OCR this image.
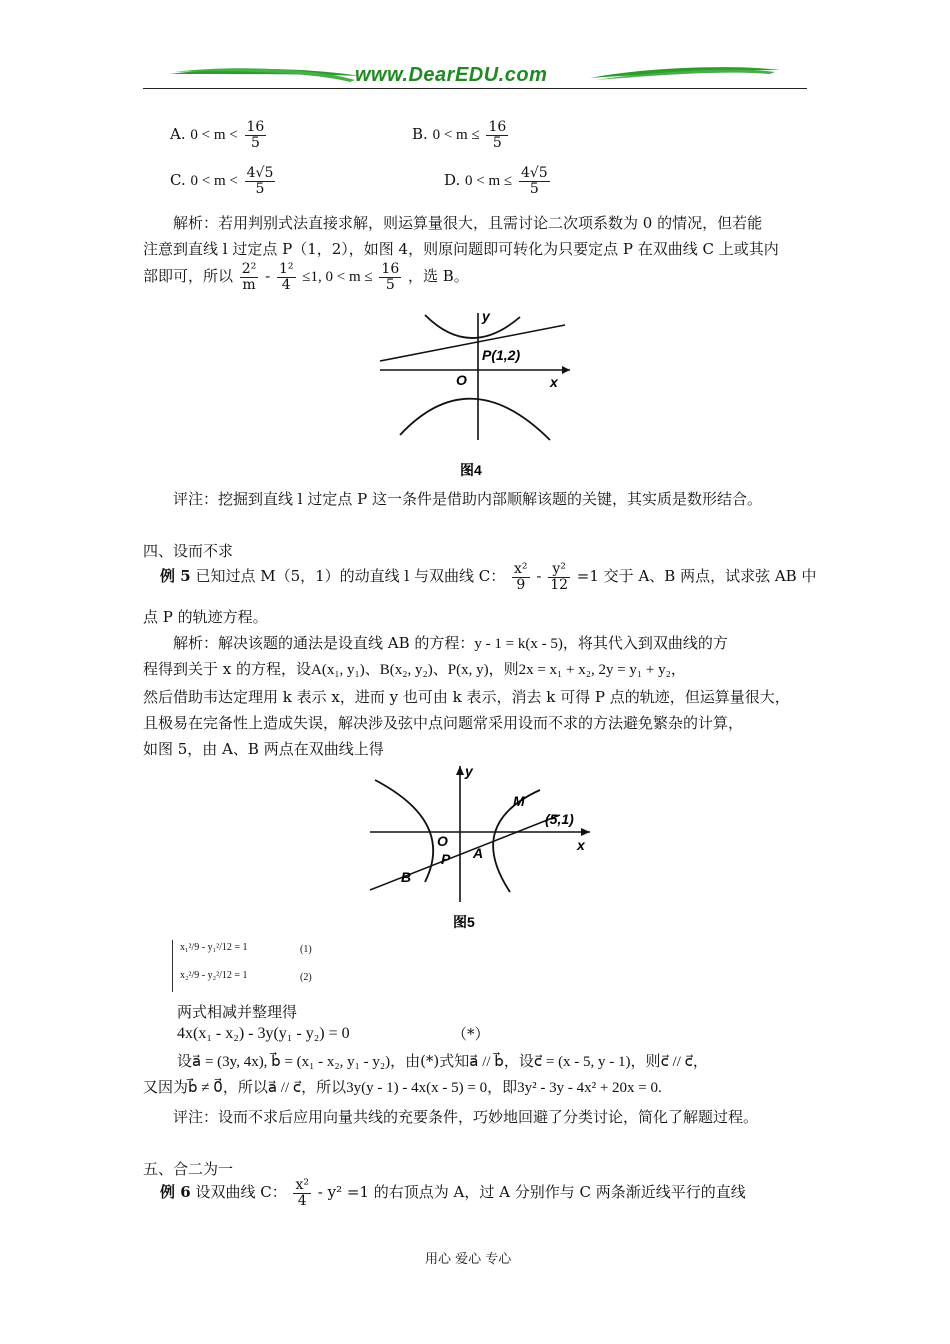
www.DearEDU.com
A. $0 < m < \frac{16}{5}$	B. $0 < m \le \frac{16}{5}$
C. $0 < m < \frac{4√5}{5}$	D. $0 < m \le \frac{4√5}{5}$
解析：若用判别式法直接求解，则运算量很大，且需讨论二次项系数为 0 的情况，但若能
注意到直线 l 过定点 P（1，2），如图 4，则原问题即可转化为只要定点 P 在双曲线 C 上或其内
部即可，所以 $\frac{\text{2²}}{m} - \frac{\text{1²}}{4} \le 1$, $0 < m \le \frac{16}{5}$ ，选 B。
y
P(1,2)
O	x
图4
评注：挖掘到直线 l 过定点 P 这一条件是借助内部顺解该题的关键，其实质是数形结合。
四、设而不求
例 5 已知过点 M（5，1）的动直线 l 与双曲线 C： $\frac{\text{x²}}{9} - \frac{\text{y²}}{12} =1$ 交于 A、B 两点，试求弦 AB 中
点 P 的轨迹方程。
解析：解决该题的通法是设直线 AB 的方程：y - 1 = k(x - 5)，将其代入到双曲线的方
程得到关于 x 的方程，设A(x₁, y₁)、B(x₂, y₂)、P(x, y)，则2x = x₁ + x₂, 2y = y₁ + y₂，
然后借助韦达定理用 k 表示 x，进而 y 也可由 k 表示，消去 k 可得 P 点的轨迹，但运算量很大，
且极易在完备性上造成失误，解决涉及弦中点问题常采用设而不求的方法避免繁杂的计算，
如图 5，由 A、B 两点在双曲线上得
y
M
(5,1)
O	x
P A
B
图5
x₁²/9 - y₁²/12 = 1	(1)
x₂²/9 - y₂²/12 = 1	(2)
两式相减并整理得
4x(x₁ - x₂) - 3y(y₁ - y₂) = 0	（*）
设a⃗ = (3y, 4x), b⃗ = (x₁ - x₂, y₁ - y₂)，由(*)式知a⃗ // b⃗，设c⃗ = (x - 5, y - 1)，则c⃗ // c⃗，
又因为b⃗ ≠ 0⃗，所以a⃗ // c⃗，所以3y(y - 1) - 4x(x - 5) = 0，即3y² - 3y - 4x² + 20x = 0.
评注：设而不求后应用向量共线的充要条件，巧妙地回避了分类讨论，简化了解题过程。
五、合二为一
例 6 设双曲线 C： $\frac{\text{x²}}{4} - y^2 =1$ 的右顶点为 A，过 A 分别作与 C 两条渐近线平行的直线
用心 爱心 专心
